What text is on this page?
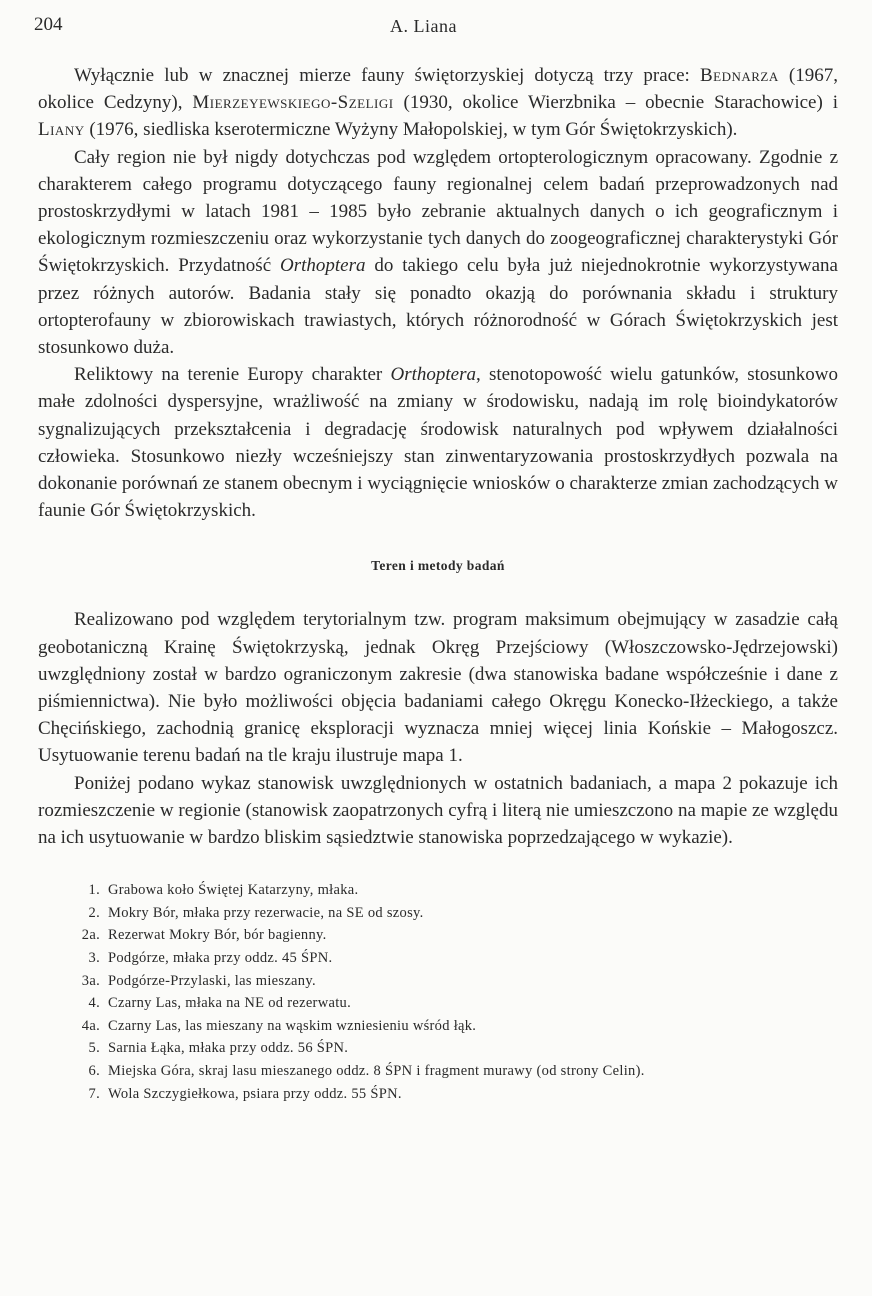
204	A. Liana

Wyłącznie lub w znacznej mierze fauny świętorzyskiej dotyczą trzy prace: Bednarza (1967, okolice Cedzyny), Mierzeyewskiego-Szeligi (1930, okolice Wierzbnika – obecnie Starachowice) i Liany (1976, siedliska kserotermiczne Wyżyny Małopolskiej, w tym Gór Świętokrzyskich).

Cały region nie był nigdy dotychczas pod względem ortopterologicznym opracowany. Zgodnie z charakterem całego programu dotyczącego fauny regionalnej celem badań przeprowadzonych nad prostoskrzydłymi w latach 1981 – 1985 było zebranie aktualnych danych o ich geograficznym i ekologicznym rozmieszczeniu oraz wykorzystanie tych danych do zoogeograficznej charakterystyki Gór Świętokrzyskich. Przydatność Orthoptera do takiego celu była już niejednokrotnie wykorzystywana przez różnych autorów. Badania stały się ponadto okazją do porównania składu i struktury ortopterofauny w zbiorowiskach trawiastych, których różnorodność w Górach Świętokrzyskich jest stosunkowo duża.

Reliktowy na terenie Europy charakter Orthoptera, stenotopowość wielu gatunków, stosunkowo małe zdolności dyspersyjne, wrażliwość na zmiany w środowisku, nadają im rolę bioindykatorów sygnalizujących przekształcenia i degradację środowisk naturalnych pod wpływem działalności człowieka. Stosunkowo niezły wcześniejszy stan zinwentaryzowania prostoskrzydłych pozwala na dokonanie porównań ze stanem obecnym i wyciągnięcie wniosków o charakterze zmian zachodzących w faunie Gór Świętokrzyskich.

Teren i metody badań

Realizowano pod względem terytorialnym tzw. program maksimum obejmujący w zasadzie całą geobotaniczną Krainę Świętokrzyską, jednak Okręg Przejściowy (Włoszczowsko-Jędrzejowski) uwzględniony został w bardzo ograniczonym zakresie (dwa stanowiska badane współcześnie i dane z piśmiennictwa). Nie było możliwości objęcia badaniami całego Okręgu Konecko-Iłżeckiego, a także Chęcińskiego, zachodnią granicę eksploracji wyznacza mniej więcej linia Końskie – Małogoszcz. Usytuowanie terenu badań na tle kraju ilustruje mapa 1.

Poniżej podano wykaz stanowisk uwzględnionych w ostatnich badaniach, a mapa 2 pokazuje ich rozmieszczenie w regionie (stanowisk zaopatrzonych cyfrą i literą nie umieszczono na mapie ze względu na ich usytuowanie w bardzo bliskim sąsiedztwie stanowiska poprzedzającego w wykazie).

1. Grabowa koło Świętej Katarzyny, młaka.
2. Mokry Bór, młaka przy rezerwacie, na SE od szosy.
2a. Rezerwat Mokry Bór, bór bagienny.
3. Podgórze, młaka przy oddz. 45 ŚPN.
3a. Podgórze-Przylaski, las mieszany.
4. Czarny Las, młaka na NE od rezerwatu.
4a. Czarny Las, las mieszany na wąskim wzniesieniu wśród łąk.
5. Sarnia Łąka, młaka przy oddz. 56 ŚPN.
6. Miejska Góra, skraj lasu mieszanego oddz. 8 ŚPN i fragment murawy (od strony Celin).
7. Wola Szczygiełkowa, psiara przy oddz. 55 ŚPN.
